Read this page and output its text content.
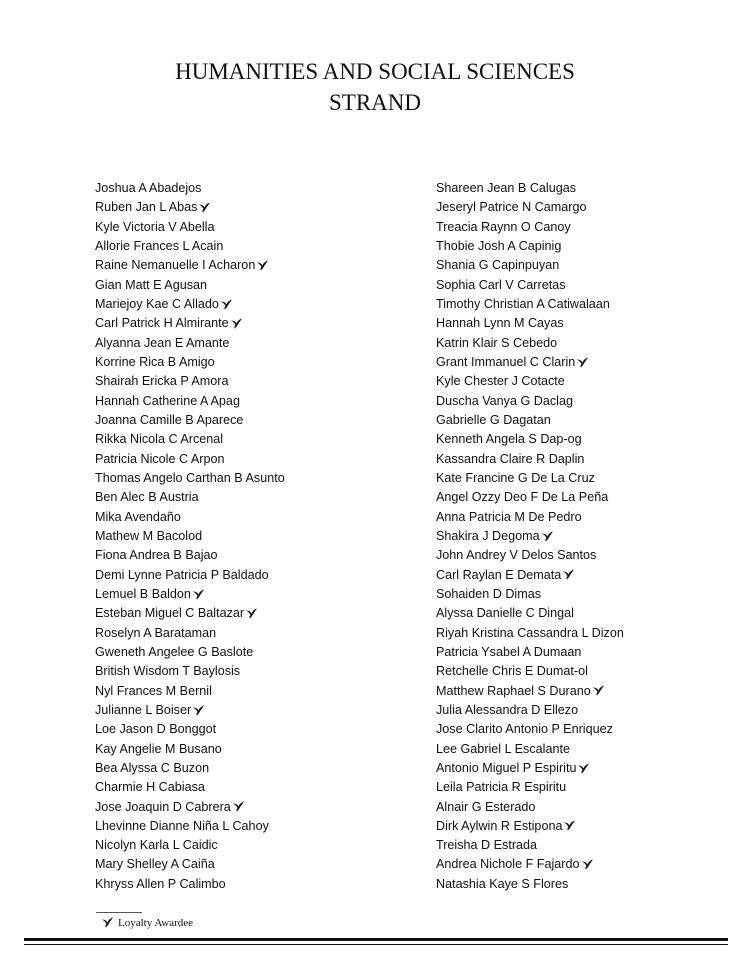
HUMANITIES AND SOCIAL SCIENCES
STRAND
Joshua A Abadejos
Ruben Jan L Abas
Kyle Victoria V Abella
Allorie Frances L Acain
Raine Nemanuelle I Acharon
Gian Matt E Agusan
Mariejoy Kae C Allado
Carl Patrick H Almirante
Alyanna Jean E Amante
Korrine Rica B Amigo
Shairah Ericka P Amora
Hannah Catherine A Apag
Joanna Camille B Aparece
Rikka Nicola C Arcenal
Patricia Nicole C Arpon
Thomas Angelo Carthan B Asunto
Ben Alec B Austria
Mika Avendaño
Mathew M Bacolod
Fiona Andrea B Bajao
Demi Lynne Patricia P Baldado
Lemuel B Baldon
Esteban Miguel C Baltazar
Roselyn A Barataman
Gweneth Angelee G Baslote
British Wisdom T Baylosis
Nyl Frances M Bernil
Julianne L Boiser
Loe Jason D Bonggot
Kay Angelie M Busano
Bea Alyssa C Buzon
Charmie H Cabiasa
Jose Joaquin D Cabrera
Lhevinne Dianne Niña L Cahoy
Nicolyn Karla L Caidic
Mary Shelley A Caiña
Khryss Allen P Calimbo
Shareen Jean B Calugas
Jeseryl Patrice N Camargo
Treacia Raynn O Canoy
Thobie Josh A Capinig
Shania G Capinpuyan
Sophia Carl V Carretas
Timothy Christian A Catiwalaan
Hannah Lynn M Cayas
Katrin Klair S Cebedo
Grant Immanuel C Clarin
Kyle Chester J Cotacte
Duscha Vanya G Daclag
Gabrielle G Dagatan
Kenneth Angela S Dap-og
Kassandra Claire R Daplin
Kate Francine G De La Cruz
Angel Ozzy Deo F De La Peña
Anna Patricia M De Pedro
Shakira J Degoma
John Andrey V Delos Santos
Carl Raylan E Demata
Sohaiden D Dimas
Alyssa Danielle C Dingal
Riyah Kristina Cassandra L Dizon
Patricia Ysabel A Dumaan
Retchelle Chris E Dumat-ol
Matthew Raphael S Durano
Julia Alessandra D Ellezo
Jose Clarito Antonio P Enriquez
Lee Gabriel L Escalante
Antonio Miguel P Espiritu
Leila Patricia R Espiritu
Alnair G Esterado
Dirk Aylwin R Estipona
Treisha D Estrada
Andrea Nichole F Fajardo
Natashia Kaye S Flores
Loyalty Awardee
